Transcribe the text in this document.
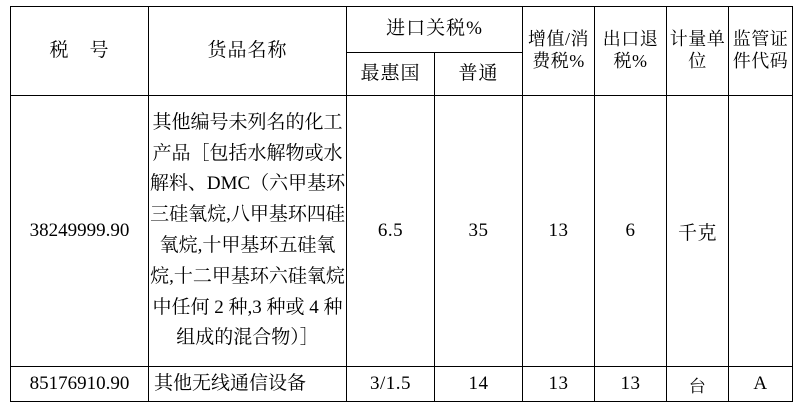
税　号	货品名称	进口关税%		增值/消费税%	出口退税%	计量单位	监管证件代码
		最惠国	普通				
38249999.90	其他编号未列名的化工产品［包括水解物或水解料、DMC（六甲基环三硅氧烷,八甲基环四硅氧烷,十甲基环五硅氧烷,十二甲基环六硅氧烷中任何 2 种,3 种或 4 种组成的混合物）］	6.5	35	13	6	千克	
85176910.90	其他无线通信设备	3/1.5	14	13	13	台	A
